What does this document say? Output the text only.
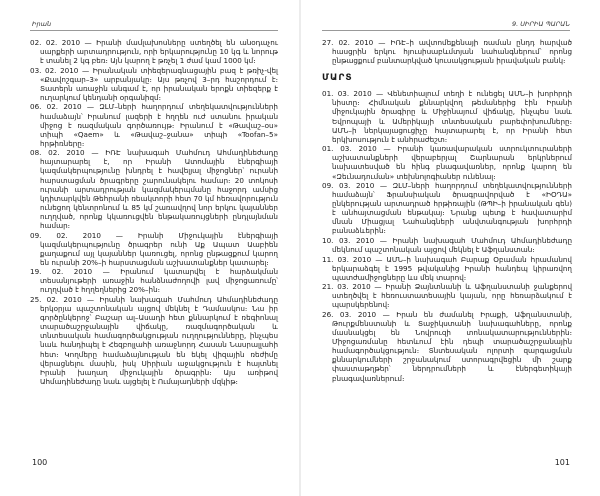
Իրան

02. 02. 2010 — Իրանի մամլախոսները ստեղծել են անօդաչու սարքերի արտադրություն, որի երկարությունը 10 կգ և նորութ է տանել 2 կգ բեռ։ Այն կարող է թռչել 1 ժամ կամ 1000 կմ։

03. 02. 2010 — Իրանական տիեզերագնացային բազ է թռիչ-վել «Քավոշգար–3» արբանյակը։ Այս թռչով 3–րդ հաշորդում է։ Տատերն առաջին անգամ է, որ իրանական երոքն տիեզերք է ուղարկում կենդանի օրգանիզմ։

06. 02. 2010 — ԶԼՄ–ների հաղորդում տեղեկատվությունների համաձայն՝ Իրանում լազերի է հղղեն ուժ ստանու իրական միջոց է ռազմական գործառույթ։ Իրանում է «Թավաշ–օս» տիպի «Qaem» և «Թավաշ–ջանա» տիպի «Toofan–5» հրթիռները։

08. 02. 2010 — ԻՌԷ նախագահ Մահմուդ Ահմադինեժադը հայտարարել է, որ Իրանի Ատոմային էներգիայի կազմակերպությունը խնդրել է հավելյալ միջոցներ՝ ուրանի հարստացման ծրագրերը շարունակելու համար։ 20 տոկոսի ուրանի արտադրության կազմակերպմանը հաջորդ ամսից կդիտարկվեն Թեհրանի ռեակտորի հետ 70 կմ հեռավորություն ունեցող կենտրոնում և 85 կմ շառավղով նոր երկու կայաններ ուղղված, որոնք կկառուցվեն ենթակառույցների ընդլայնման համար։

09. 02. 2010 — Իրանի Միջուկային էներգիայի կազմակերպությունը ծրագրեր ունի Աք Ապատ Աաբիեն քաղաքում այլ կայաններ կառուցել, որոնց ընթացքում կարող են ուրանի 20%–ի հարստացման աշխատանքներ կատարել։

19. 02. 2010 — Իրանում կատարվել է հարձակման տեսանյութերի առաջին հանձնաժողովի լավ միջոցառումը՝ ուղղված է հղղեղներից 20%–ին։

25. 02. 2010 — Իրանի նախագահ Մահմուդ Ահմադինեժադը երկօրյա պաշտոնական այցով մեկնել է Դամասկոս։ Նա իր գործընկերոջ՝ Բաշար ալ–Ասադի հետ քննարկում է ռեգիոնալ տարածաշրջանային վիճակը, ռազմագործական և տնտեսական համագործակցության ուղղությունները, ինչպես նաև հանդիպել է Հեզբոլլահի առաջնորդ Հասան Նասրալլահի հետ։ Կողմերը համաձայնության են եկել վիզային ռեժիմը վերացնելու մասին, իսկ Սիրիան աջակցություն է հայտնել Իրանի խաղաղ միջուկային ծրագրին։ Այս առիթով Ահմադինեժադը նաև այցելել է Ումայադների մզկիթ։

100
9. ՍԻՐԻԱ ՊԱՐԱՆ

27. 02. 2010 — ԻՌԷ–ի ավտոմեքենայի ռաման ընդդ հարված հասցրին երկու հյուսիսաբևմտյան նահանգներում՝ որոնց ընթացքում բանտարկված կուսակցության իրավական բանկ։

ՄԱՐՏ

01. 03. 2010 — Վենետիալում տեղի է ունեցել ԱՄՆ–ի խորհրդի նիստը։ Հիմնական քննարկվող թեմաներից էին Իրանի միջուկային ծրագիրը և Միջինայում վիճակը, ինչպես նաև Եվրոպայի և Ամերիկայի տնտեսական բարեփոխումները։ ԱՄՆ–ի ներկայացուցիչը հայտարարել է, որ Իրանի հետ երկխոսություն է անհրաժեշտ։

01. 03. 2010 — Իրանի կառավարական ստրուկտուրաների աշխատանքների վերաբերյալ Շարնարան երկրներում նախատեսված են հինգ բնագավառներ, որոնք կարող են «Զեւնադուման» տեխնոլոգիաներ ունենալ։

09. 03. 2010 — ԶԼՄ–ների հաղորդում տեղեկատվությունների համաձայն՝ Ֆրանսիական ծրագրավորված է «ԻՕԴԱ» ընկերության արտադրած հրթիռային (ԹՊԻ–ի իրանական գեն) է անհայտացման ենթակայ։ Նրանք պետք է հավատարիմ մնան Միացյալ Նահանգների անվտանգության խորհրդի բանաձևերին։

10. 03. 2010 — Իրանի նախագահ Մահմուդ Ահմադինեժադը մեկնում պաշտոնական այցով մեկնել է Աֆղանստան։

11. 03. 2010 — ԱՄՆ–ի նախագահ Բարաք Օբաման հրամանով երկարաձգել է 1995 թվականից Իրանի հանդեպ կիրառվող պատժամիջոցները ևս մեկ տարով։

21. 03. 2010 — Իրանի Ձայնտնանի և Աֆղանստանի ջանքերով ստեղծվել է հեռուստատեսային կայան, որը հեռարձակում է պարսկերենով։

26. 03. 2010 — Իրան են ժամանել Իրաքի, Աֆղանստանի, Թուրքմենստանի և Տաջիկստանի նախագահները, որոնք մասնակցել են Նովրուզի տոնակատարություններին։ Միջոցառմանը հետևում էին դեպի տարածաշրջանային համագործակցություն։ Տնտեսական ոլորտի զարգացման քննարկումների շրջանակում ստորագրվեցին մի շարք փաստաթղթեր՝ ներդրումների և էներգետիկայի բնագավառներում։

101
